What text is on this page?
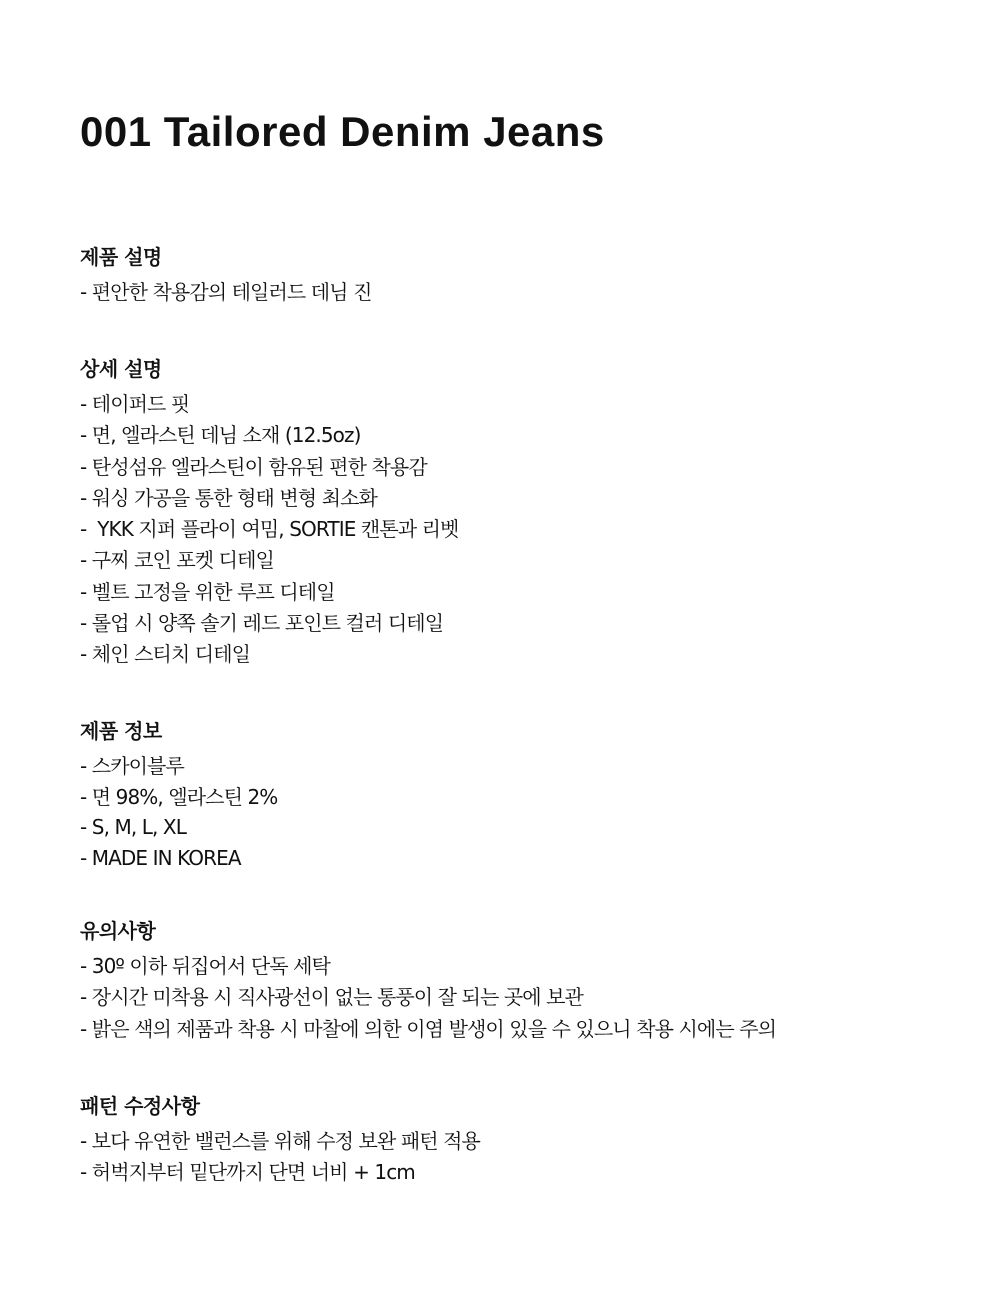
001 Tailored Denim Jeans
제품 설명
- 편안한 착용감의 테일러드 데님 진
상세 설명
- 테이퍼드 핏
- 면, 엘라스틴 데님 소재 (12.5oz)
- 탄성섬유 엘라스틴이 함유된 편한 착용감
- 워싱 가공을 통한 형태 변형 최소화
-  YKK 지퍼 플라이 여밈, SORTIE 캔톤과 리벳
- 구찌 코인 포켓 디테일
- 벨트 고정을 위한 루프 디테일
- 롤업 시 양쪽 솔기 레드 포인트 컬러 디테일
- 체인 스티치 디테일
제품 정보
- 스카이블루
- 면 98%, 엘라스틴 2%
- S, M, L, XL
- MADE IN KOREA
유의사항
- 30º 이하 뒤집어서 단독 세탁
- 장시간 미착용 시 직사광선이 없는 통풍이 잘 되는 곳에 보관
- 밝은 색의 제품과 착용 시 마찰에 의한 이염 발생이 있을 수 있으니 착용 시에는 주의
패턴 수정사항
- 보다 유연한 밸런스를 위해 수정 보완 패턴 적용
- 허벅지부터 밑단까지 단면 너비 + 1cm
